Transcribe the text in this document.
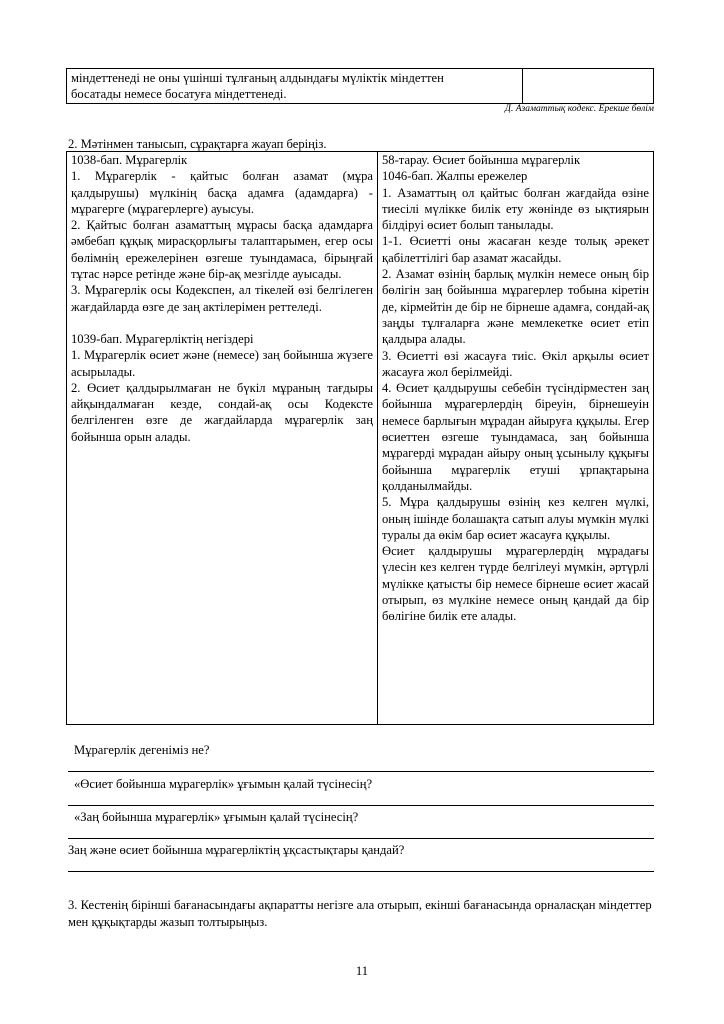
міндеттенеді не оны үшінші тұлғаның алдындағы мүліктік міндеттен
босатады немесе босатуға міндеттенеді.
Д. Азаматтық кодекс. Ерекше бөлім
2. Мәтінмен танысып, сұрақтарға жауап беріңіз.
1038-бап. Мұрагерлік
1. Мұрагерлік - қайтыс болған азамат (мұра қалдырушы) мүлкінің басқа адамға (адамдарға) - мұрагерге (мұрагерлерге) ауысуы.
2. Қайтыс болған азаматтың мұрасы басқа адамдарға әмбебап құқық мирасқорлығы талаптарымен, егер осы бөлімнің ережелерінен өзгеше туындамаса, бірыңғай тұтас нәрсе ретінде және бір-ақ мезгілде ауысады.
3. Мұрагерлік осы Кодекспен, ал тікелей өзі белгілеген жағдайларда өзге де заң актілерімен реттеледі.
1039-бап. Мұрагерліктің негіздері
1. Мұрагерлік өсиет және (немесе) заң бойынша жүзеге асырылады.
2. Өсиет қалдырылмаған не бүкіл мұраның тағдыры айқындалмаған кезде, сондай-ақ осы Кодексте белгіленген өзге де жағдайларда мұрагерлік заң бойынша орын алады.
58-тарау. Өсиет бойынша мұрагерлік
1046-бап. Жалпы ережелер
1. Азаматтың ол қайтыс болған жағдайда өзіне тиесілі мүлікке билік ету жөнінде өз ықтиярын білдіруі өсиет болып танылады.
1-1. Өсиетті оны жасаған кезде толық әрекет қабілеттілігі бар азамат жасайды.
2. Азамат өзінің барлық мүлкін немесе оның бір бөлігін заң бойынша мұрагерлер тобына кіретін де, кірмейтін де бір не бірнеше адамға, сондай-ақ заңды тұлғаларға және мемлекетке өсиет етіп қалдыра алады.
3. Өсиетті өзі жасауға тиіс. Өкіл арқылы өсиет жасауға жол берілмейді.
4. Өсиет қалдырушы себебін түсіндірместен заң бойынша мұрагерлердің біреуін, бірнешеуін немесе барлығын мұрадан айыруға құқылы. Егер өсиеттен өзгеше туындамаса, заң бойынша мұрагерді мұрадан айыру оның ұсынылу құқығы бойынша мұрагерлік етуші ұрпақтарына қолданылмайды.
5. Мұра қалдырушы өзінің кез келген мүлкі, оның ішінде болашақта сатып алуы мүмкін мүлкі туралы да өкім бар өсиет жасауға құқылы.
Өсиет қалдырушы мұрагерлердің мұрадағы үлесін кез келген түрде белгілеуі мүмкін, әртүрлі мүлікке қатысты бір немесе бірнеше өсиет жасай отырып, өз мүлкіне немесе оның қандай да бір бөлігіне билік ете алады.
Мұрагерлік дегеніміз не?
«Өсиет бойынша мұрагерлік» ұғымын қалай түсінесің?
«Заң бойынша мұрагерлік» ұғымын қалай түсінесің?
Заң және өсиет бойынша мұрагерліктің ұқсастықтары қандай?
3. Кестенің бірінші бағанасындағы ақпаратты негізге ала отырып, екінші бағанасында орналасқан міндеттер мен құқықтарды жазып толтырыңыз.
11
